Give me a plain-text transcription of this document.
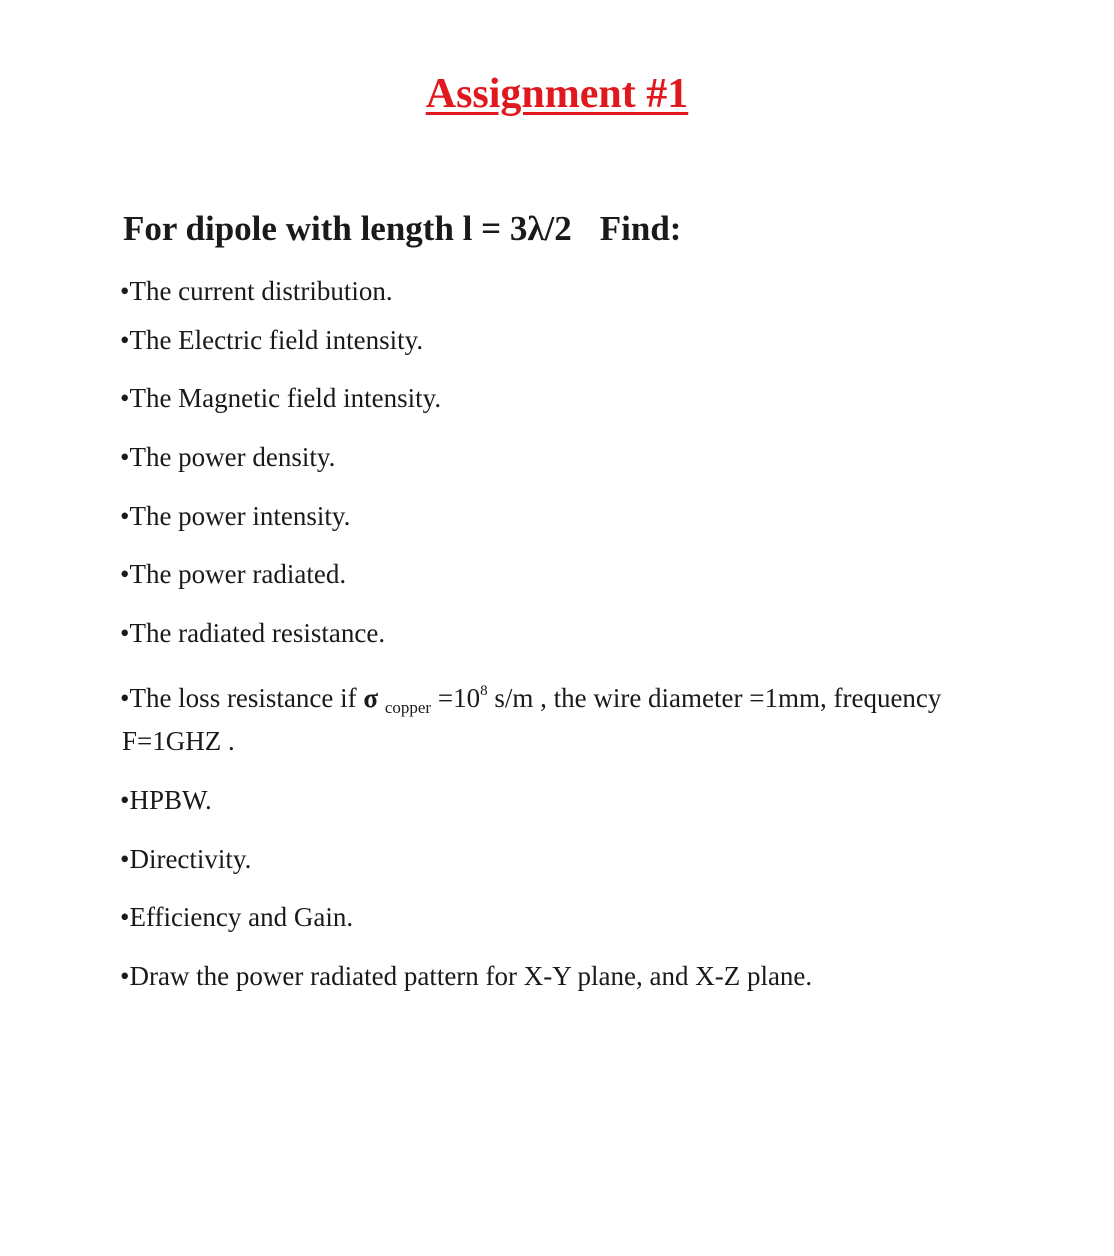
Assignment #1
For dipole with length l = 3λ/2 Find:
•The current distribution.
•The Electric field intensity.
•The Magnetic field intensity.
•The power density.
•The power intensity.
•The power radiated.
•The radiated resistance.
•The loss resistance if σ $_{copper} =10^8$ s/m , the wire diameter =1mm, frequency
F=1GHZ .
•HPBW.
•Directivity.
•Efficiency and Gain.
•Draw the power radiated pattern for X-Y plane, and X-Z plane.
